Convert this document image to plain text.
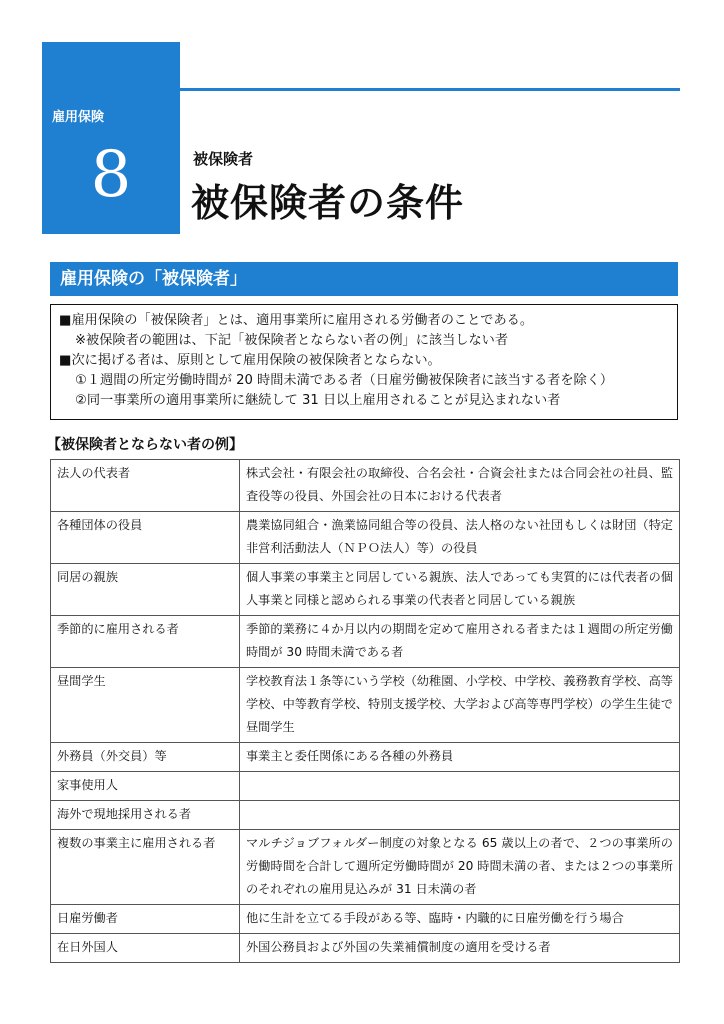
雇用保険
8	被保険者
被保険者の条件
雇用保険の「被保険者」
■雇用保険の「被保険者」とは、適用事業所に雇用される労働者のことである。
※被保険者の範囲は、下記「被保険者とならない者の例」に該当しない者
■次に掲げる者は、原則として雇用保険の被保険者とならない。
①１週間の所定労働時間が 20 時間未満である者（日雇労働被保険者に該当する者を除く）
②同一事業所の適用事業所に継続して 31 日以上雇用されることが見込まれない者
【被保険者とならない者の例】
法人の代表者	株式会社・有限会社の取締役、合名会社・合資会社または合同会社の社員、監査役等の役員、外国会社の日本における代表者
各種団体の役員	農業協同組合・漁業協同組合等の役員、法人格のない社団もしくは財団（特定非営利活動法人（ＮＰＯ法人）等）の役員
同居の親族	個人事業の事業主と同居している親族、法人であっても実質的には代表者の個人事業と同様と認められる事業の代表者と同居している親族
季節的に雇用される者	季節的業務に４か月以内の期間を定めて雇用される者または１週間の所定労働時間が 30 時間未満である者
昼間学生	学校教育法１条等にいう学校（幼稚園、小学校、中学校、義務教育学校、高等学校、中等教育学校、特別支援学校、大学および高等専門学校）の学生生徒で昼間学生
外務員（外交員）等	事業主と委任関係にある各種の外務員
家事使用人	
海外で現地採用される者	
複数の事業主に雇用される者	マルチジョブフォルダー制度の対象となる 65 歳以上の者で、２つの事業所の労働時間を合計して週所定労働時間が 20 時間未満の者、または２つの事業所のそれぞれの雇用見込みが 31 日未満の者
日雇労働者	他に生計を立てる手段がある等、臨時・内職的に日雇労働を行う場合
在日外国人	外国公務員および外国の失業補償制度の適用を受ける者
